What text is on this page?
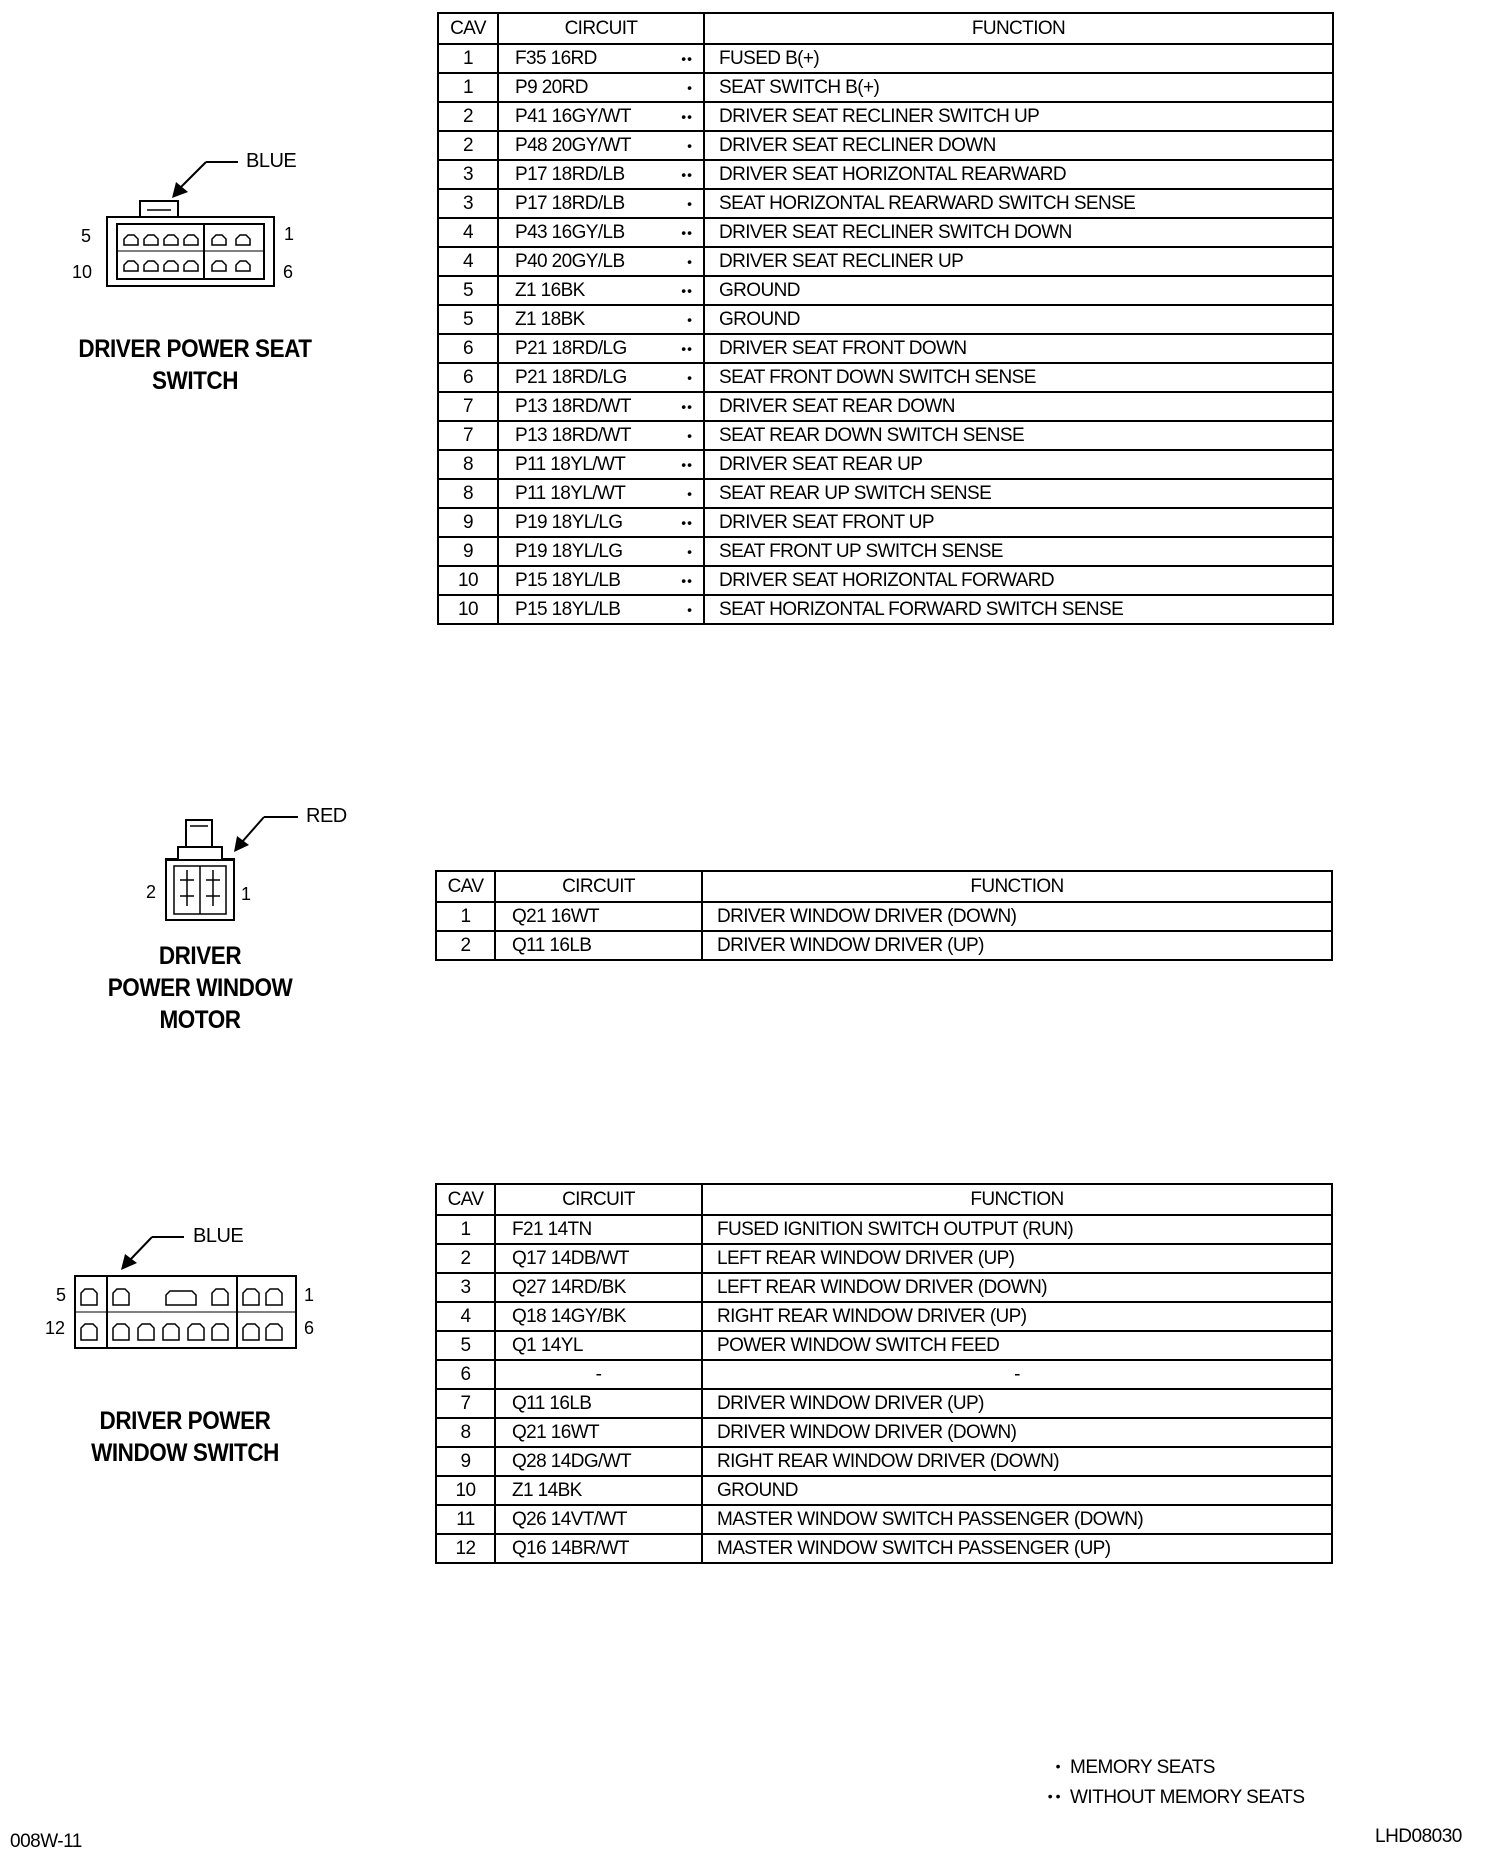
BLUE
5	1
10	6
DRIVER POWER SEAT
SWITCH
CAV	CIRCUIT	FUNCTION
1	F35 16RD ••	FUSED B(+)
1	P9 20RD •	SEAT SWITCH B(+)
2	P41 16GY/WT ••	DRIVER SEAT RECLINER SWITCH UP
2	P48 20GY/WT •	DRIVER SEAT RECLINER DOWN
3	P17 18RD/LB ••	DRIVER SEAT HORIZONTAL REARWARD
3	P17 18RD/LB •	SEAT HORIZONTAL REARWARD SWITCH SENSE
4	P43 16GY/LB ••	DRIVER SEAT RECLINER SWITCH DOWN
4	P40 20GY/LB •	DRIVER SEAT RECLINER UP
5	Z1 16BK ••	GROUND
5	Z1 18BK •	GROUND
6	P21 18RD/LG ••	DRIVER SEAT FRONT DOWN
6	P21 18RD/LG •	SEAT FRONT DOWN SWITCH SENSE
7	P13 18RD/WT ••	DRIVER SEAT REAR DOWN
7	P13 18RD/WT •	SEAT REAR DOWN SWITCH SENSE
8	P11 18YL/WT ••	DRIVER SEAT REAR UP
8	P11 18YL/WT •	SEAT REAR UP SWITCH SENSE
9	P19 18YL/LG ••	DRIVER SEAT FRONT UP
9	P19 18YL/LG •	SEAT FRONT UP SWITCH SENSE
10	P15 18YL/LB ••	DRIVER SEAT HORIZONTAL FORWARD
10	P15 18YL/LB •	SEAT HORIZONTAL FORWARD SWITCH SENSE
RED
2	1
DRIVER
POWER WINDOW
MOTOR
CAV	CIRCUIT	FUNCTION
1	Q21 16WT	DRIVER WINDOW DRIVER (DOWN)
2	Q11 16LB	DRIVER WINDOW DRIVER (UP)
BLUE
5	1
12	6
DRIVER POWER
WINDOW SWITCH
CAV	CIRCUIT	FUNCTION
1	F21 14TN	FUSED IGNITION SWITCH OUTPUT (RUN)
2	Q17 14DB/WT	LEFT REAR WINDOW DRIVER (UP)
3	Q27 14RD/BK	LEFT REAR WINDOW DRIVER (DOWN)
4	Q18 14GY/BK	RIGHT REAR WINDOW DRIVER (UP)
5	Q1 14YL	POWER WINDOW SWITCH FEED
6	-	-
7	Q11 16LB	DRIVER WINDOW DRIVER (UP)
8	Q21 16WT	DRIVER WINDOW DRIVER (DOWN)
9	Q28 14DG/WT	RIGHT REAR WINDOW DRIVER (DOWN)
10	Z1 14BK	GROUND
11	Q26 14VT/WT	MASTER WINDOW SWITCH PASSENGER (DOWN)
12	Q16 14BR/WT	MASTER WINDOW SWITCH PASSENGER (UP)
• MEMORY SEATS
• • WITHOUT MEMORY SEATS
008W-11	LHD08030
